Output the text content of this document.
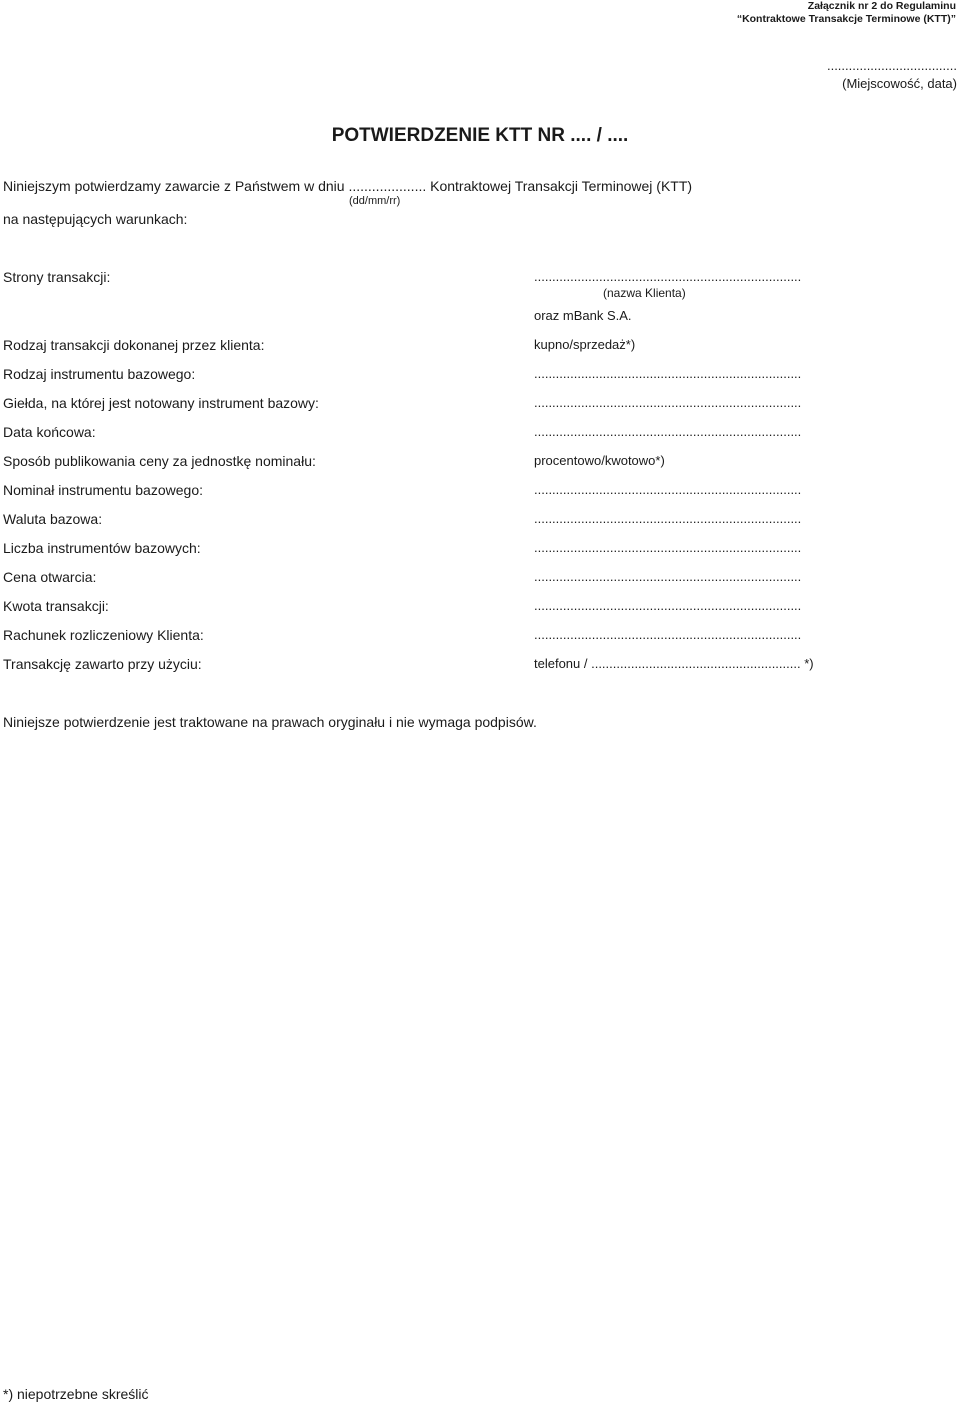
Załącznik nr 2 do Regulaminu
“Kontraktowe Transakcje Terminowe (KTT)”
....................................
(Miejscowość, data)
POTWIERDZENIE KTT NR .... / ....
Niniejszym potwierdzamy zawarcie z Państwem w dniu .................... Kontraktowej Transakcji Terminowej (KTT)
(dd/mm/rr)
na następujących warunkach:
Strony transakcji:	..........................................................................
(nazwa Klienta)
oraz mBank S.A.
Rodzaj transakcji dokonanej przez klienta:	kupno/sprzedaż*)
Rodzaj instrumentu bazowego:	..........................................................................
Giełda, na której jest notowany instrument bazowy:	..........................................................................
Data końcowa:	..........................................................................
Sposób publikowania ceny za jednostkę nominału:	procentowo/kwotowo*)
Nominał instrumentu bazowego:	..........................................................................
Waluta bazowa:	..........................................................................
Liczba instrumentów bazowych:	..........................................................................
Cena otwarcia:	..........................................................................
Kwota transakcji:	..........................................................................
Rachunek rozliczeniowy Klienta:	..........................................................................
Transakcję zawarto przy użyciu:	telefonu / .......................................................... *)
Niniejsze potwierdzenie jest traktowane na prawach oryginału i nie wymaga podpisów.
*) niepotrzebne skreślić
